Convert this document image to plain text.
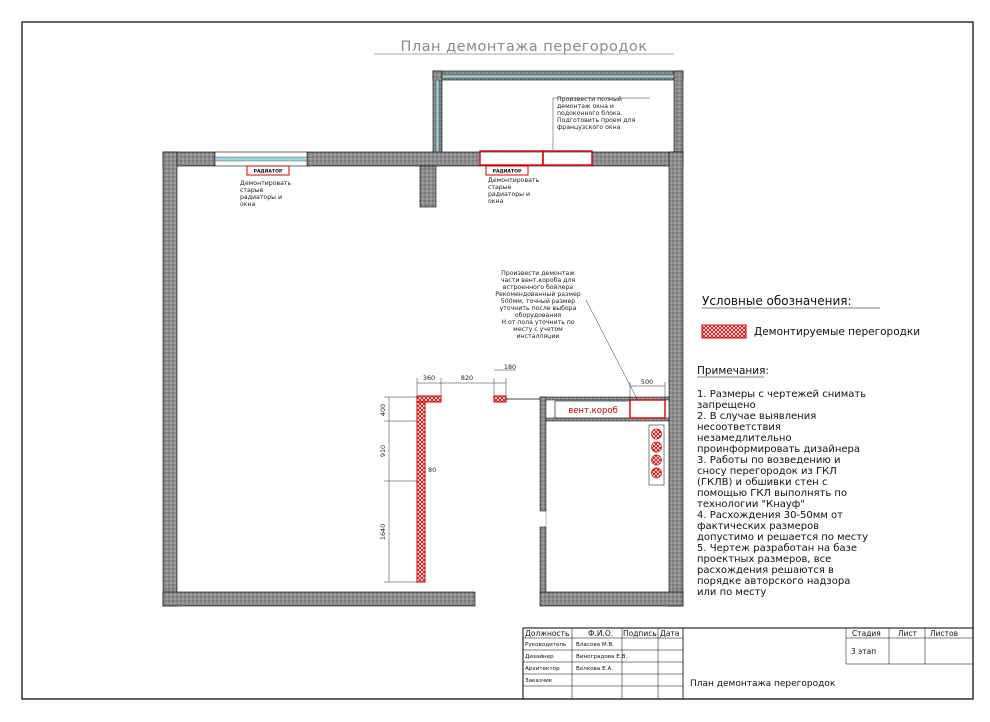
План демонтажа перегородок
РАДИАТОР	РАДИАТОР
вент.короб
Произвести полный демонтаж окна и подоконного блока. Подготовить проем для французского окна
Демонтировать старые радиаторы и окна
Демонтировать старые радиаторы и окна
Произвести демонтаж части вент.короба для встроенного бойлера Рекомендованный размер 500мм, точный размер уточнить после выбора оборудования Н от пола уточнить по месту с учетом инсталляции
360	820
180
500
400
910
1640
80
Условные обозначения:
Демонтируемые перегородки
Примечания:
1. Размеры с чертежей снимать запрещено 2. В случае выявления несоответствия незамедлительно проинформировать дизайнера 3. Работы по возведению и сносу перегородок из ГКЛ (ГКЛВ) и обшивки стен с помощью ГКЛ выполнять по технологии "Кнауф" 4. Расхождения 30-50мм от фактических размеров допустимо и решается по месту 5. Чертеж разработан на базе проектных размеров, все расхождения решаются в порядке авторского надзора или по месту
Должность Ф.И.О. Подпись Дата
Руководитель Власова М.В.
Дизайнер	Виноградова Е.В.
Архитектор	Волкова Е.А.
Заказчик
Стадия Лист Листов
3 этап
План демонтажа перегородок
